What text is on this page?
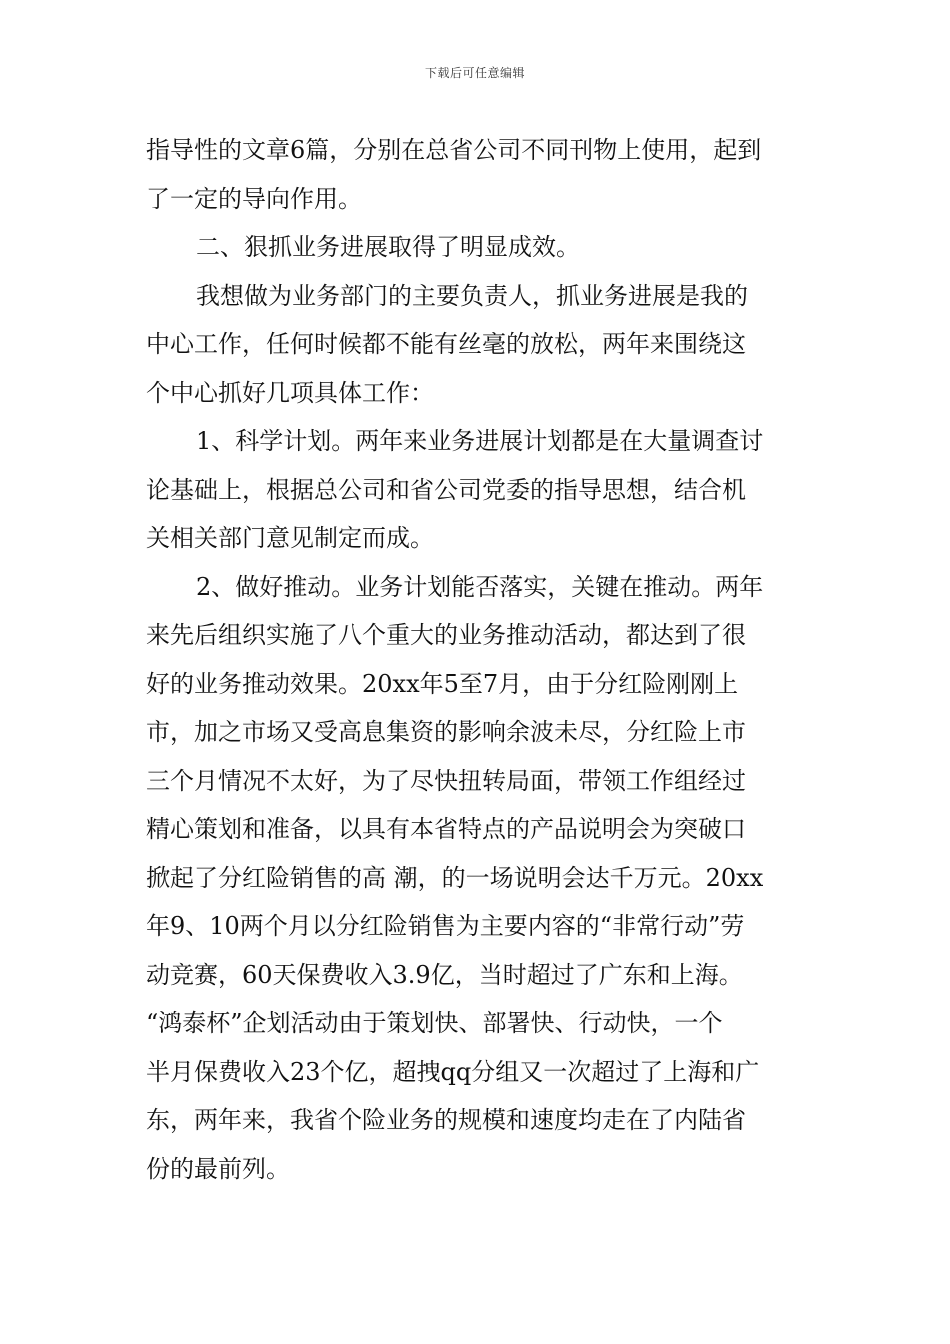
下载后可任意编辑
指导性的文章6篇，分别在总省公司不同刊物上使用，起到
了一定的导向作用。
二、狠抓业务进展取得了明显成效。
我想做为业务部门的主要负责人，抓业务进展是我的
中心工作，任何时候都不能有丝毫的放松，两年来围绕这
个中心抓好几项具体工作：
1、科学计划。两年来业务进展计划都是在大量调查讨
论基础上，根据总公司和省公司党委的指导思想，结合机
关相关部门意见制定而成。
2、做好推动。业务计划能否落实，关键在推动。两年
来先后组织实施了八个重大的业务推动活动，都达到了很
好的业务推动效果。20xx年5至7月，由于分红险刚刚上
市，加之市场又受高息集资的影响余波未尽，分红险上市
三个月情况不太好，为了尽快扭转局面，带领工作组经过
精心策划和准备，以具有本省特点的产品说明会为突破口
掀起了分红险销售的高 潮，的一场说明会达千万元。20xx
年9、10两个月以分红险销售为主要内容的“非常行动”劳
动竞赛，60天保费收入3.9亿，当时超过了广东和上海。
“鸿泰杯”企划活动由于策划快、部署快、行动快，一个
半月保费收入23个亿，超拽qq分组又一次超过了上海和广
东，两年来，我省个险业务的规模和速度均走在了内陆省
份的最前列。
